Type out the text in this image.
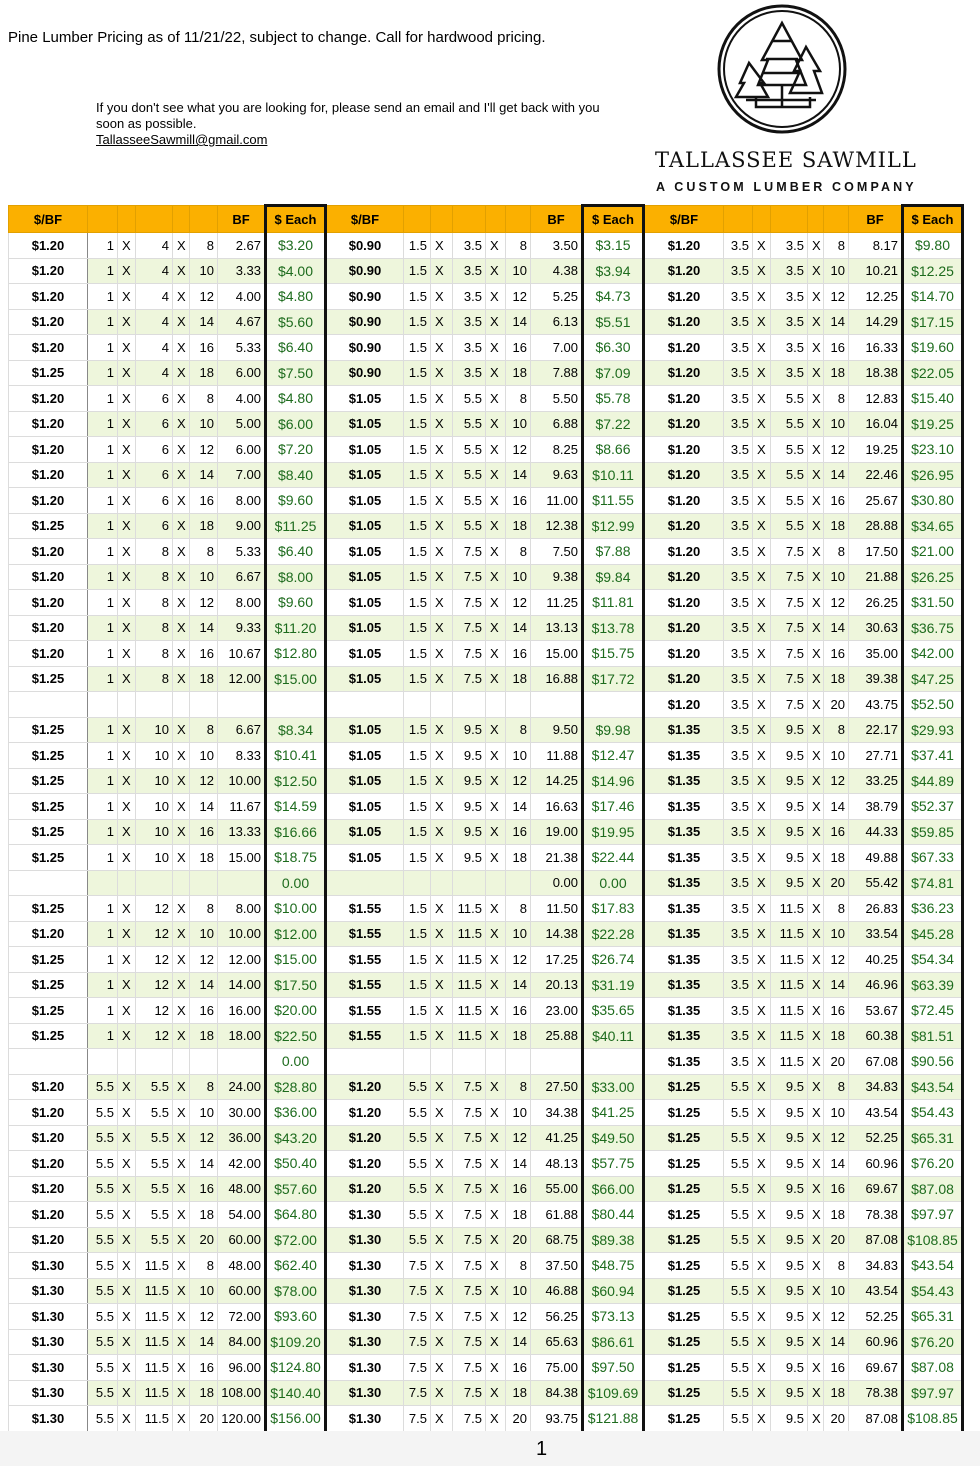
Pine Lumber Pricing as of 11/21/22, subject to change. Call for hardwood pricing.
If you don't see what you are looking for, please send an email and I'll get back with you soon as possible.
TallasseeSawmill@gmail.com
TALLASSEE SAWMILL
A CUSTOM LUMBER COMPANY
$/BF						BF	$ Each	$/BF						BF	$ Each	$/BF						BF	$ Each
$1.20	1	X	4	X	8	2.67	$3.20	$0.90	1.5	X	3.5	X	8	3.50	$3.15	$1.20	3.5	X	3.5	X	8	8.17	$9.80
$1.20	1	X	4	X	10	3.33	$4.00	$0.90	1.5	X	3.5	X	10	4.38	$3.94	$1.20	3.5	X	3.5	X	10	10.21	$12.25
$1.20	1	X	4	X	12	4.00	$4.80	$0.90	1.5	X	3.5	X	12	5.25	$4.73	$1.20	3.5	X	3.5	X	12	12.25	$14.70
$1.20	1	X	4	X	14	4.67	$5.60	$0.90	1.5	X	3.5	X	14	6.13	$5.51	$1.20	3.5	X	3.5	X	14	14.29	$17.15
$1.20	1	X	4	X	16	5.33	$6.40	$0.90	1.5	X	3.5	X	16	7.00	$6.30	$1.20	3.5	X	3.5	X	16	16.33	$19.60
$1.25	1	X	4	X	18	6.00	$7.50	$0.90	1.5	X	3.5	X	18	7.88	$7.09	$1.20	3.5	X	3.5	X	18	18.38	$22.05
$1.20	1	X	6	X	8	4.00	$4.80	$1.05	1.5	X	5.5	X	8	5.50	$5.78	$1.20	3.5	X	5.5	X	8	12.83	$15.40
$1.20	1	X	6	X	10	5.00	$6.00	$1.05	1.5	X	5.5	X	10	6.88	$7.22	$1.20	3.5	X	5.5	X	10	16.04	$19.25
$1.20	1	X	6	X	12	6.00	$7.20	$1.05	1.5	X	5.5	X	12	8.25	$8.66	$1.20	3.5	X	5.5	X	12	19.25	$23.10
$1.20	1	X	6	X	14	7.00	$8.40	$1.05	1.5	X	5.5	X	14	9.63	$10.11	$1.20	3.5	X	5.5	X	14	22.46	$26.95
$1.20	1	X	6	X	16	8.00	$9.60	$1.05	1.5	X	5.5	X	16	11.00	$11.55	$1.20	3.5	X	5.5	X	16	25.67	$30.80
$1.25	1	X	6	X	18	9.00	$11.25	$1.05	1.5	X	5.5	X	18	12.38	$12.99	$1.20	3.5	X	5.5	X	18	28.88	$34.65
$1.20	1	X	8	X	8	5.33	$6.40	$1.05	1.5	X	7.5	X	8	7.50	$7.88	$1.20	3.5	X	7.5	X	8	17.50	$21.00
$1.20	1	X	8	X	10	6.67	$8.00	$1.05	1.5	X	7.5	X	10	9.38	$9.84	$1.20	3.5	X	7.5	X	10	21.88	$26.25
$1.20	1	X	8	X	12	8.00	$9.60	$1.05	1.5	X	7.5	X	12	11.25	$11.81	$1.20	3.5	X	7.5	X	12	26.25	$31.50
$1.20	1	X	8	X	14	9.33	$11.20	$1.05	1.5	X	7.5	X	14	13.13	$13.78	$1.20	3.5	X	7.5	X	14	30.63	$36.75
$1.20	1	X	8	X	16	10.67	$12.80	$1.05	1.5	X	7.5	X	16	15.00	$15.75	$1.20	3.5	X	7.5	X	16	35.00	$42.00
$1.25	1	X	8	X	18	12.00	$15.00	$1.05	1.5	X	7.5	X	18	16.88	$17.72	$1.20	3.5	X	7.5	X	18	39.38	$47.25
																$1.20	3.5	X	7.5	X	20	43.75	$52.50
$1.25	1	X	10	X	8	6.67	$8.34	$1.05	1.5	X	9.5	X	8	9.50	$9.98	$1.35	3.5	X	9.5	X	8	22.17	$29.93
$1.25	1	X	10	X	10	8.33	$10.41	$1.05	1.5	X	9.5	X	10	11.88	$12.47	$1.35	3.5	X	9.5	X	10	27.71	$37.41
$1.25	1	X	10	X	12	10.00	$12.50	$1.05	1.5	X	9.5	X	12	14.25	$14.96	$1.35	3.5	X	9.5	X	12	33.25	$44.89
$1.25	1	X	10	X	14	11.67	$14.59	$1.05	1.5	X	9.5	X	14	16.63	$17.46	$1.35	3.5	X	9.5	X	14	38.79	$52.37
$1.25	1	X	10	X	16	13.33	$16.66	$1.05	1.5	X	9.5	X	16	19.00	$19.95	$1.35	3.5	X	9.5	X	16	44.33	$59.85
$1.25	1	X	10	X	18	15.00	$18.75	$1.05	1.5	X	9.5	X	18	21.38	$22.44	$1.35	3.5	X	9.5	X	18	49.88	$67.33
							0.00							0.00	0.00	$1.35	3.5	X	9.5	X	20	55.42	$74.81
$1.25	1	X	12	X	8	8.00	$10.00	$1.55	1.5	X	11.5	X	8	11.50	$17.83	$1.35	3.5	X	11.5	X	8	26.83	$36.23
$1.20	1	X	12	X	10	10.00	$12.00	$1.55	1.5	X	11.5	X	10	14.38	$22.28	$1.35	3.5	X	11.5	X	10	33.54	$45.28
$1.25	1	X	12	X	12	12.00	$15.00	$1.55	1.5	X	11.5	X	12	17.25	$26.74	$1.35	3.5	X	11.5	X	12	40.25	$54.34
$1.25	1	X	12	X	14	14.00	$17.50	$1.55	1.5	X	11.5	X	14	20.13	$31.19	$1.35	3.5	X	11.5	X	14	46.96	$63.39
$1.25	1	X	12	X	16	16.00	$20.00	$1.55	1.5	X	11.5	X	16	23.00	$35.65	$1.35	3.5	X	11.5	X	16	53.67	$72.45
$1.25	1	X	12	X	18	18.00	$22.50	$1.55	1.5	X	11.5	X	18	25.88	$40.11	$1.35	3.5	X	11.5	X	18	60.38	$81.51
							0.00									$1.35	3.5	X	11.5	X	20	67.08	$90.56
$1.20	5.5	X	5.5	X	8	24.00	$28.80	$1.20	5.5	X	7.5	X	8	27.50	$33.00	$1.25	5.5	X	9.5	X	8	34.83	$43.54
$1.20	5.5	X	5.5	X	10	30.00	$36.00	$1.20	5.5	X	7.5	X	10	34.38	$41.25	$1.25	5.5	X	9.5	X	10	43.54	$54.43
$1.20	5.5	X	5.5	X	12	36.00	$43.20	$1.20	5.5	X	7.5	X	12	41.25	$49.50	$1.25	5.5	X	9.5	X	12	52.25	$65.31
$1.20	5.5	X	5.5	X	14	42.00	$50.40	$1.20	5.5	X	7.5	X	14	48.13	$57.75	$1.25	5.5	X	9.5	X	14	60.96	$76.20
$1.20	5.5	X	5.5	X	16	48.00	$57.60	$1.20	5.5	X	7.5	X	16	55.00	$66.00	$1.25	5.5	X	9.5	X	16	69.67	$87.08
$1.20	5.5	X	5.5	X	18	54.00	$64.80	$1.30	5.5	X	7.5	X	18	61.88	$80.44	$1.25	5.5	X	9.5	X	18	78.38	$97.97
$1.20	5.5	X	5.5	X	20	60.00	$72.00	$1.30	5.5	X	7.5	X	20	68.75	$89.38	$1.25	5.5	X	9.5	X	20	87.08	$108.85
$1.30	5.5	X	11.5	X	8	48.00	$62.40	$1.30	7.5	X	7.5	X	8	37.50	$48.75	$1.25	5.5	X	9.5	X	8	34.83	$43.54
$1.30	5.5	X	11.5	X	10	60.00	$78.00	$1.30	7.5	X	7.5	X	10	46.88	$60.94	$1.25	5.5	X	9.5	X	10	43.54	$54.43
$1.30	5.5	X	11.5	X	12	72.00	$93.60	$1.30	7.5	X	7.5	X	12	56.25	$73.13	$1.25	5.5	X	9.5	X	12	52.25	$65.31
$1.30	5.5	X	11.5	X	14	84.00	$109.20	$1.30	7.5	X	7.5	X	14	65.63	$86.61	$1.25	5.5	X	9.5	X	14	60.96	$76.20
$1.30	5.5	X	11.5	X	16	96.00	$124.80	$1.30	7.5	X	7.5	X	16	75.00	$97.50	$1.25	5.5	X	9.5	X	16	69.67	$87.08
$1.30	5.5	X	11.5	X	18	108.00	$140.40	$1.30	7.5	X	7.5	X	18	84.38	$109.69	$1.25	5.5	X	9.5	X	18	78.38	$97.97
$1.30	5.5	X	11.5	X	20	120.00	$156.00	$1.30	7.5	X	7.5	X	20	93.75	$121.88	$1.25	5.5	X	9.5	X	20	87.08	$108.85
1
